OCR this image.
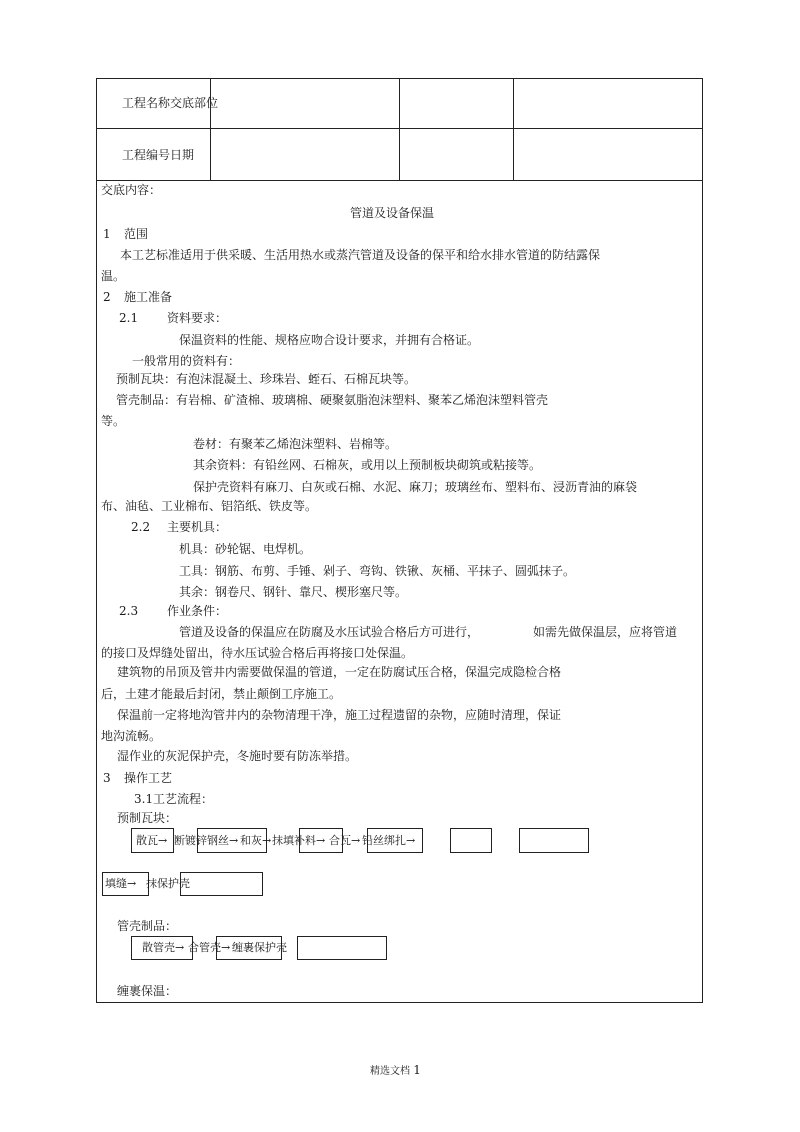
工程名称交底部位
工程编号日期
交底内容：
管道及设备保温
1 范围
本工艺标准适用于供采暖、生活用热水或蒸汽管道及设备的保平和给水排水管道的防结露保
温。
2 施工准备
2.1 资料要求：
保温资料的性能、规格应吻合设计要求，并拥有合格证。
一般常用的资料有：
预制瓦块：有泡沫混凝土、珍珠岩、蛭石、石棉瓦块等。
管壳制品：有岩棉、矿渣棉、玻璃棉、硬聚氨脂泡沫塑料、聚苯乙烯泡沫塑料管壳
等。
卷材：有聚苯乙烯泡沫塑料、岩棉等。
其余资料：有铅丝网、石棉灰，或用以上预制板块砌筑或粘接等。
保护壳资料有麻刀、白灰或石棉、水泥、麻刀；玻璃丝布、塑料布、浸沥青油的麻袋
布、油毡、工业棉布、铝箔纸、铁皮等。
2.2 主要机具：
机具：砂轮锯、电焊机。
工具：钢筋、布剪、手锤、剁子、弯钩、铁锹、灰桶、平抹子、圆弧抹子。
其余：钢卷尺、钢针、靠尺、楔形塞尺等。
2.3 作业条件：
管道及设备的保温应在防腐及水压试验合格后方可进行，	如需先做保温层，应将管道
的接口及焊缝处留出，待水压试验合格后再将接口处保温。
建筑物的吊顶及管井内需要做保温的管道，一定在防腐试压合格，保温完成隐检合格
后，土建才能最后封闭，禁止颠倒工序施工。
保温前一定将地沟管井内的杂物清理干净，施工过程遗留的杂物，应随时清理，保证
地沟流畅。
湿作业的灰泥保护壳，冬施时要有防冻举措。
3 操作工艺
3.1 工艺流程：
预制瓦块：
散瓦→ 断镀锌钢丝→ 和灰→ 抹填补料→ 合瓦→ 铅丝绑扎→
填缝→ 抹保护壳
管壳制品：
散管壳→ 合管壳→ 缠裹保护壳
缠裹保温：
精选文档 1
